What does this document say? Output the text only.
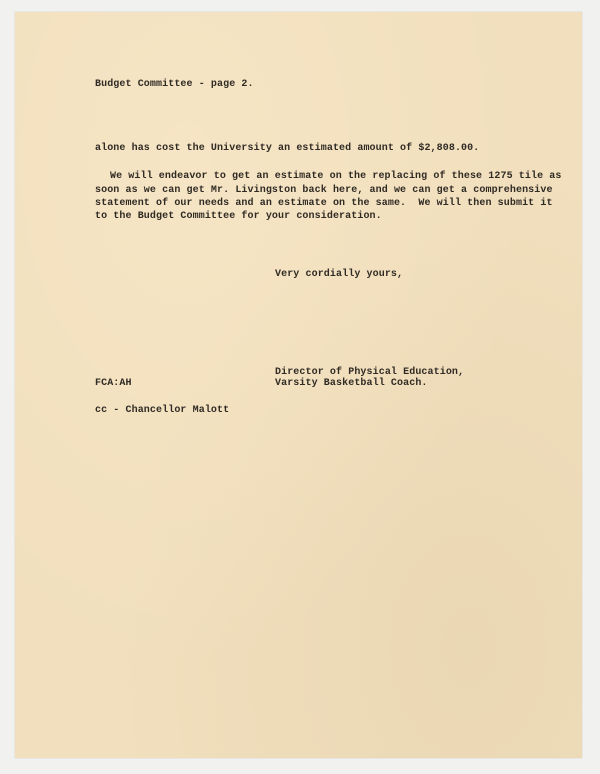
Budget Committee - page 2.
alone has cost the University an estimated amount of $2,808.00.
We will endeavor to get an estimate on the replacing of these 1275 tile as
soon as we can get Mr. Livingston back here, and we can get a comprehensive
statement of our needs and an estimate on the same.  We will then submit it
to the Budget Committee for your consideration.
Very cordially yours,
Director of Physical Education,
Varsity Basketball Coach.
FCA:AH
cc - Chancellor Malott
